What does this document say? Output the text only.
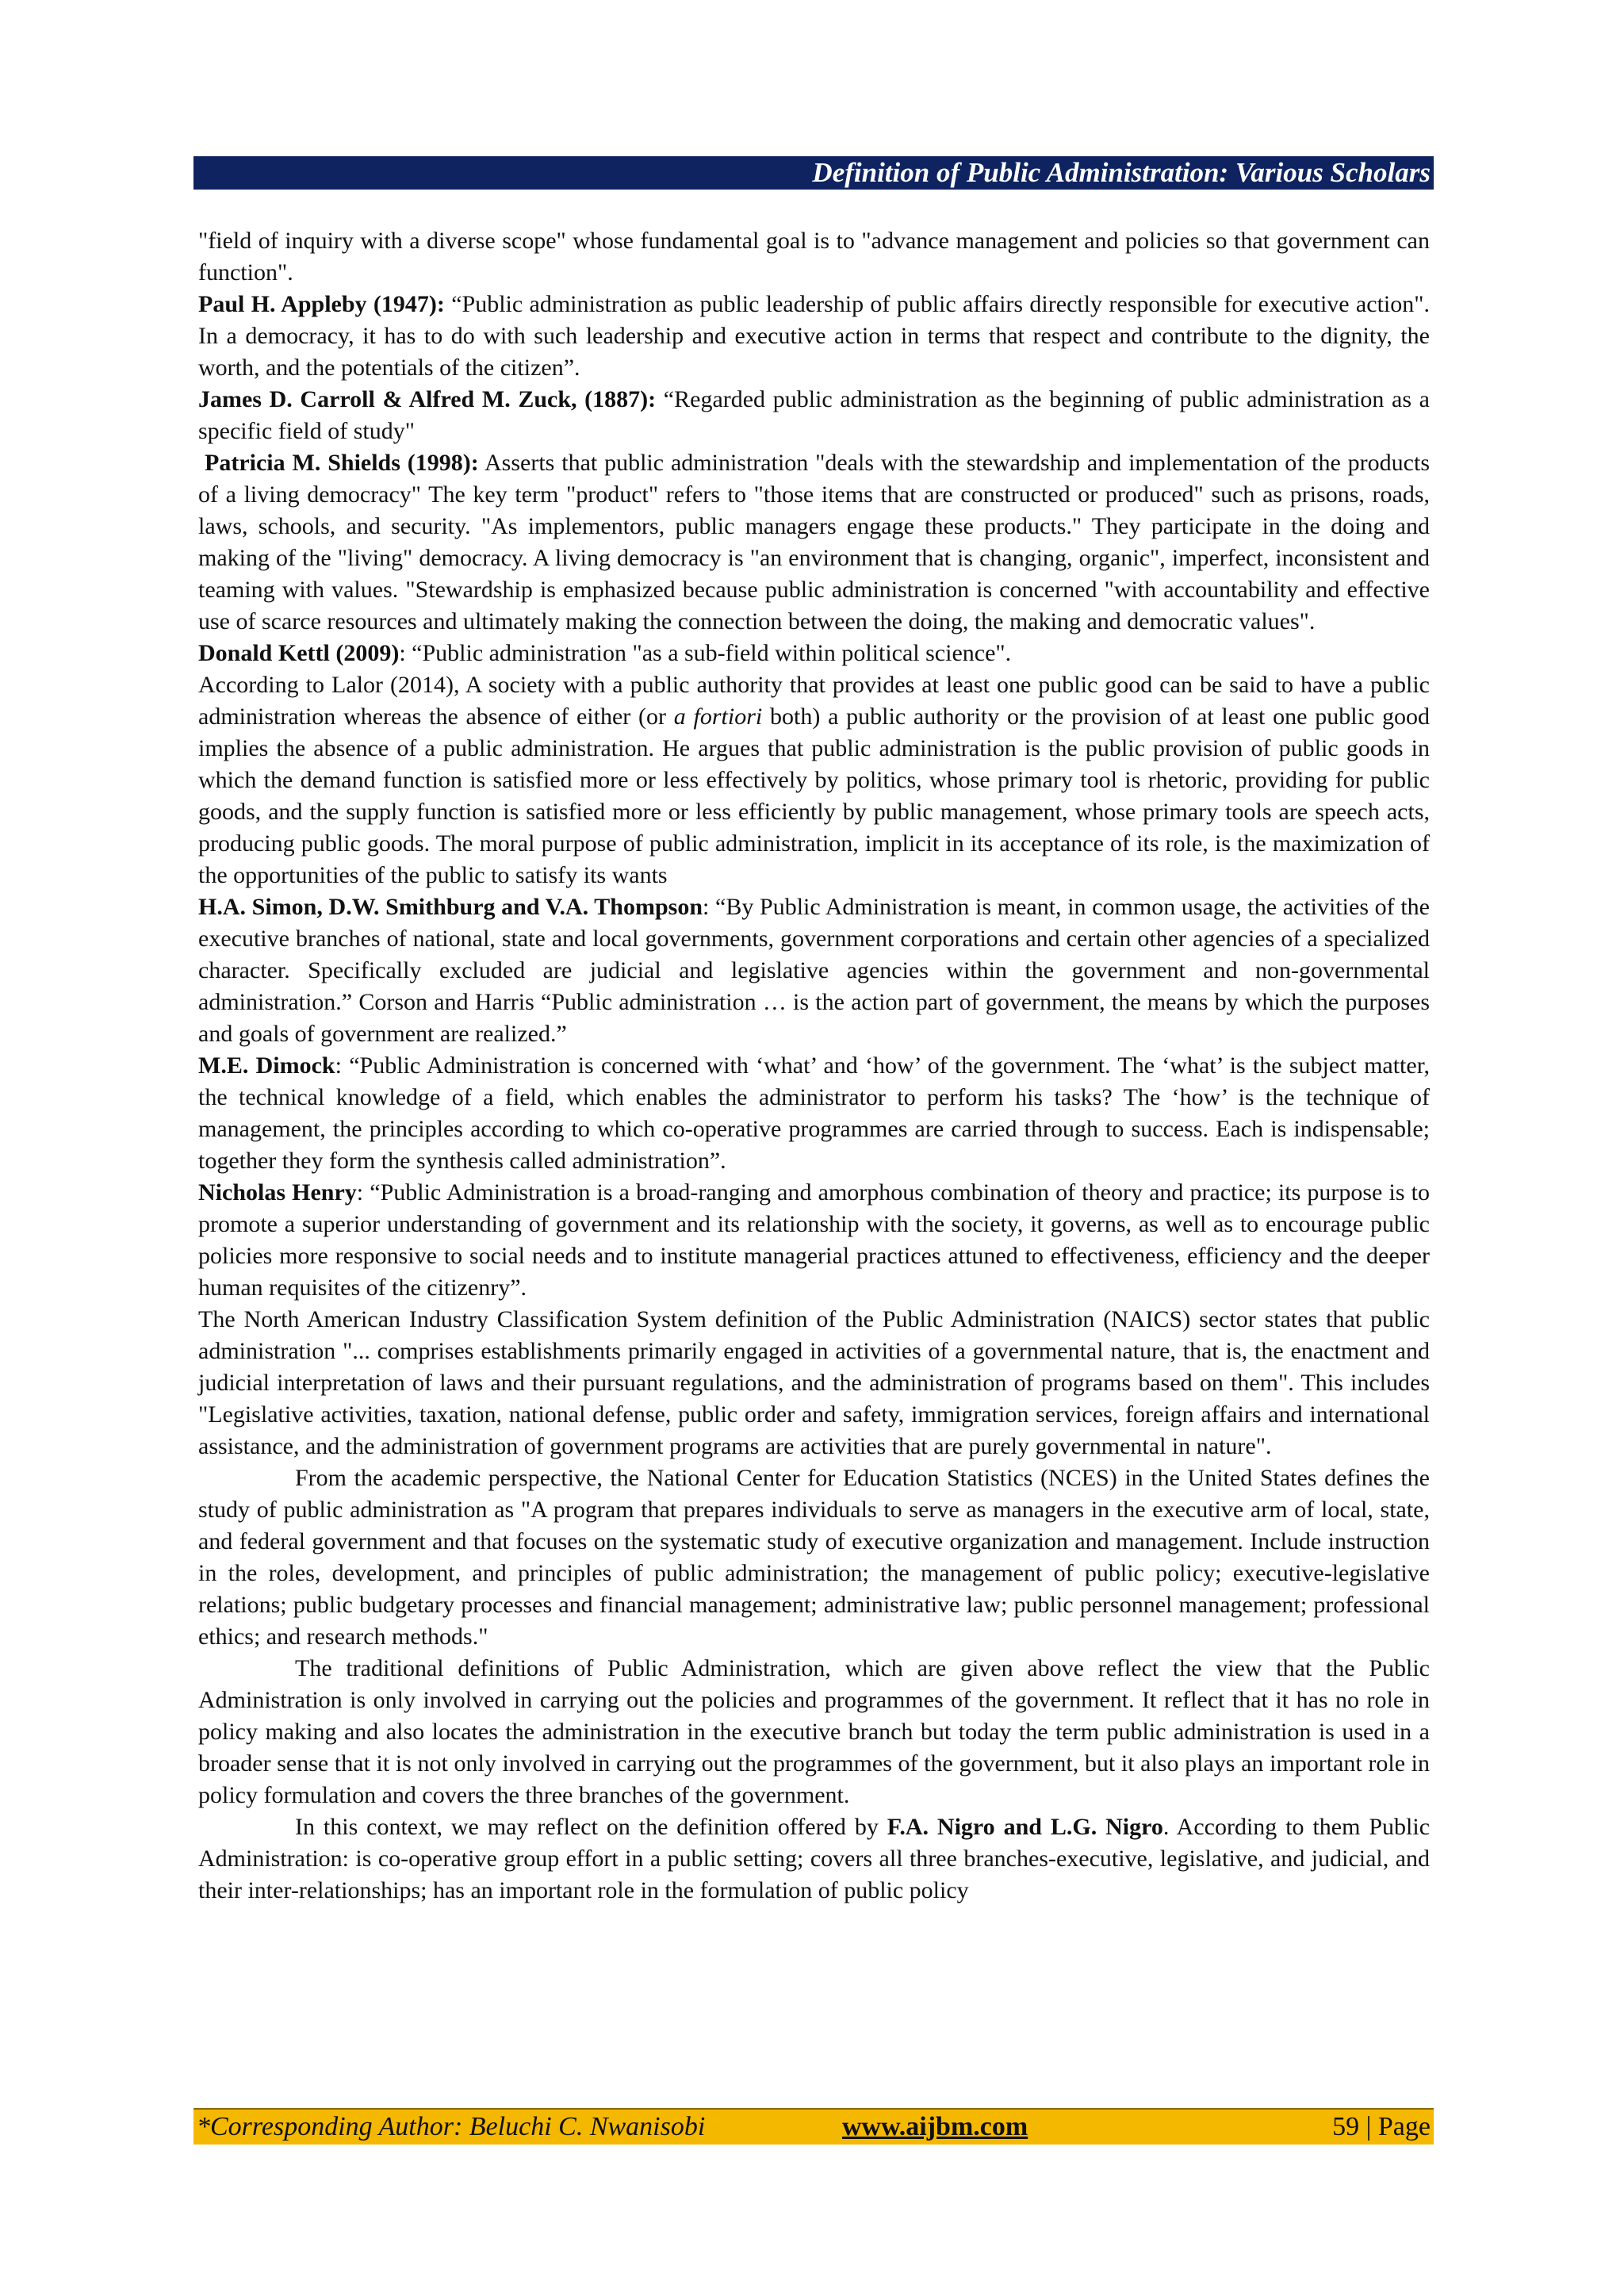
Definition of Public Administration: Various Scholars

"field of inquiry with a diverse scope" whose fundamental goal is to "advance management and policies so that government can function".

Paul H. Appleby (1947): “Public administration as public leadership of public affairs directly responsible for executive action". In a democracy, it has to do with such leadership and executive action in terms that respect and contribute to the dignity, the worth, and the potentials of the citizen”.

James D. Carroll & Alfred M. Zuck, (1887): “Regarded public administration as the beginning of public administration as a specific field of study"

Patricia M. Shields (1998): Asserts that public administration "deals with the stewardship and implementation of the products of a living democracy" The key term "product" refers to "those items that are constructed or produced" such as prisons, roads, laws, schools, and security. "As implementors, public managers engage these products." They participate in the doing and making of the "living" democracy. A living democracy is "an environment that is changing, organic", imperfect, inconsistent and teaming with values. "Stewardship is emphasized because public administration is concerned "with accountability and effective use of scarce resources and ultimately making the connection between the doing, the making and democratic values".

Donald Kettl (2009): “Public administration "as a sub-field within political science".

According to Lalor (2014), A society with a public authority that provides at least one public good can be said to have a public administration whereas the absence of either (or a fortiori both) a public authority or the provision of at least one public good implies the absence of a public administration. He argues that public administration is the public provision of public goods in which the demand function is satisfied more or less effectively by politics, whose primary tool is rhetoric, providing for public goods, and the supply function is satisfied more or less efficiently by public management, whose primary tools are speech acts, producing public goods. The moral purpose of public administration, implicit in its acceptance of its role, is the maximization of the opportunities of the public to satisfy its wants

H.A. Simon, D.W. Smithburg and V.A. Thompson: “By Public Administration is meant, in common usage, the activities of the executive branches of national, state and local governments, government corporations and certain other agencies of a specialized character. Specifically excluded are judicial and legislative agencies within the government and non-governmental administration.” Corson and Harris “Public administration … is the action part of government, the means by which the purposes and goals of government are realized.”

M.E. Dimock: “Public Administration is concerned with ‘what’ and ‘how’ of the government. The ‘what’ is the subject matter, the technical knowledge of a field, which enables the administrator to perform his tasks? The ‘how’ is the technique of management, the principles according to which co-operative programmes are carried through to success. Each is indispensable; together they form the synthesis called administration”.

Nicholas Henry: “Public Administration is a broad-ranging and amorphous combination of theory and practice; its purpose is to promote a superior understanding of government and its relationship with the society, it governs, as well as to encourage public policies more responsive to social needs and to institute managerial practices attuned to effectiveness, efficiency and the deeper human requisites of the citizenry”.

The North American Industry Classification System definition of the Public Administration (NAICS) sector states that public administration "... comprises establishments primarily engaged in activities of a governmental nature, that is, the enactment and judicial interpretation of laws and their pursuant regulations, and the administration of programs based on them". This includes "Legislative activities, taxation, national defense, public order and safety, immigration services, foreign affairs and international assistance, and the administration of government programs are activities that are purely governmental in nature".

From the academic perspective, the National Center for Education Statistics (NCES) in the United States defines the study of public administration as "A program that prepares individuals to serve as managers in the executive arm of local, state, and federal government and that focuses on the systematic study of executive organization and management. Include instruction in the roles, development, and principles of public administration; the management of public policy; executive-legislative relations; public budgetary processes and financial management; administrative law; public personnel management; professional ethics; and research methods."

The traditional definitions of Public Administration, which are given above reflect the view that the Public Administration is only involved in carrying out the policies and programmes of the government. It reflect that it has no role in policy making and also locates the administration in the executive branch but today the term public administration is used in a broader sense that it is not only involved in carrying out the programmes of the government, but it also plays an important role in policy formulation and covers the three branches of the government.

In this context, we may reflect on the definition offered by F.A. Nigro and L.G. Nigro. According to them Public Administration: is co-operative group effort in a public setting; covers all three branches-executive, legislative, and judicial, and their inter-relationships; has an important role in the formulation of public policy

*Corresponding Author: Beluchi C. Nwanisobi	www.aijbm.com	59 | Page
